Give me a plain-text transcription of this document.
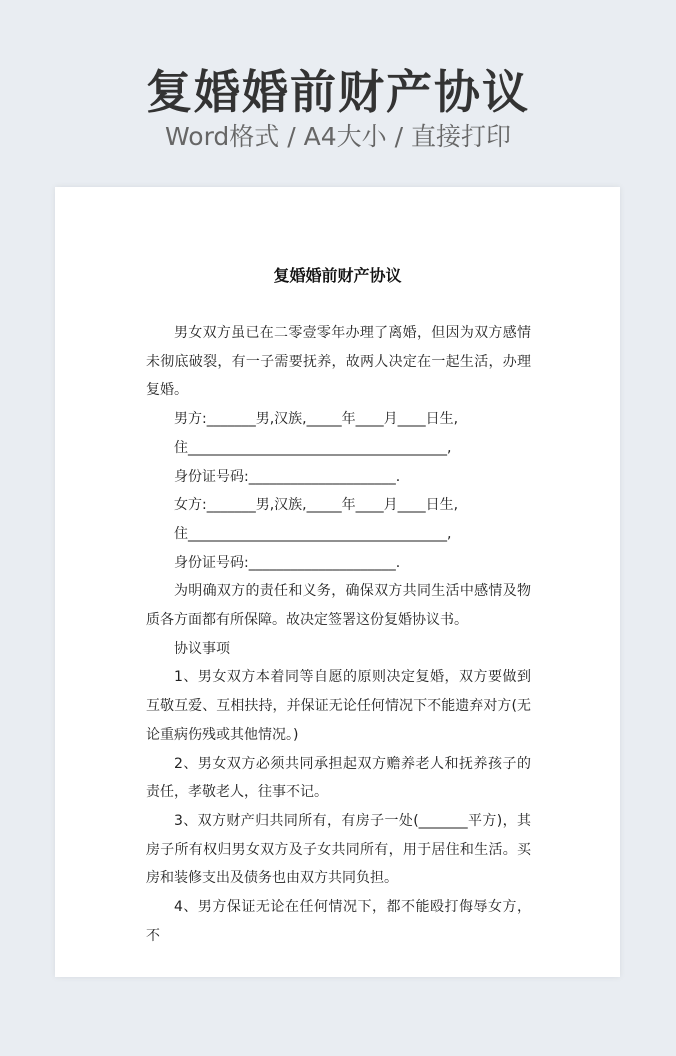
复婚婚前财产协议
Word格式 / A4大小 / 直接打印
复婚婚前财产协议

男女双方虽已在二零壹零年办理了离婚，但因为双方感情未彻底破裂，有一子需要抚养，故两人决定在一起生活，办理复婚。

男方:_______男,汉族,_____年____月____日生,

住_____________________________________,

身份证号码:_____________________.

女方:_______男,汉族,_____年____月____日生,

住_____________________________________,

身份证号码:_____________________.

为明确双方的责任和义务，确保双方共同生活中感情及物质各方面都有所保障。故决定签署这份复婚协议书。

协议事项

1、男女双方本着同等自愿的原则决定复婚，双方要做到互敬互爱、互相扶持，并保证无论任何情况下不能遗弃对方(无论重病伤残或其他情况。)

2、男女双方必须共同承担起双方赡养老人和抚养孩子的责任，孝敬老人，往事不记。

3、双方财产归共同所有，有房子一处(_______平方)，其房子所有权归男女双方及子女共同所有，用于居住和生活。买房和装修支出及债务也由双方共同负担。

4、男方保证无论在任何情况下，都不能殴打侮辱女方，不
